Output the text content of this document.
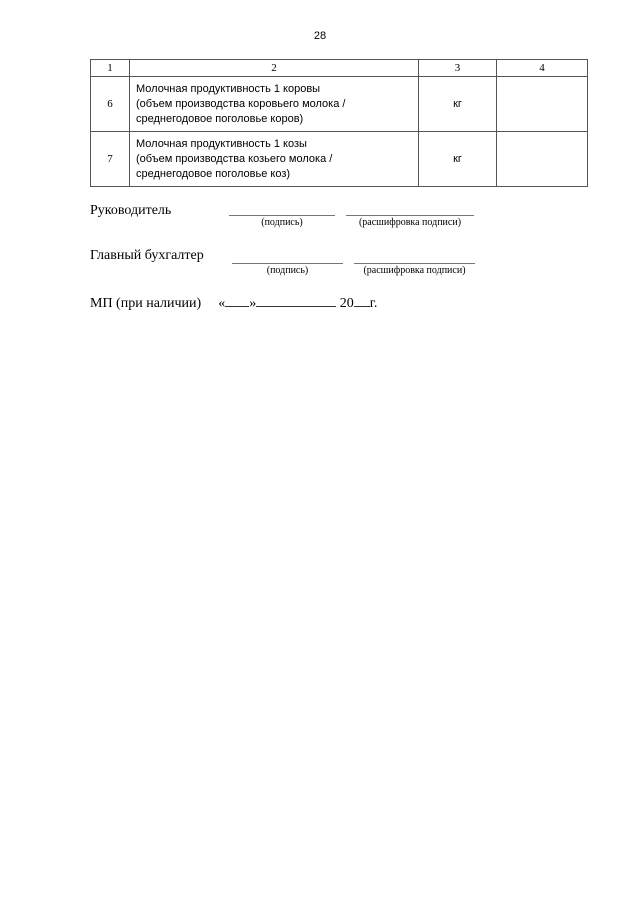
28
1	2	3	4
6	Молочная продуктивность 1 коровы
(объем производства коровьего молока /
среднегодовое поголовье коров)	кг	
7	Молочная продуктивность 1 козы
(объем производства козьего молока /
среднегодовое поголовье коз)	кг	
Руководитель
(подпись)	(расшифровка подписи)
Главный бухгалтер
(подпись)	(расшифровка подписи)
МП (при наличии) « »	20 г.
